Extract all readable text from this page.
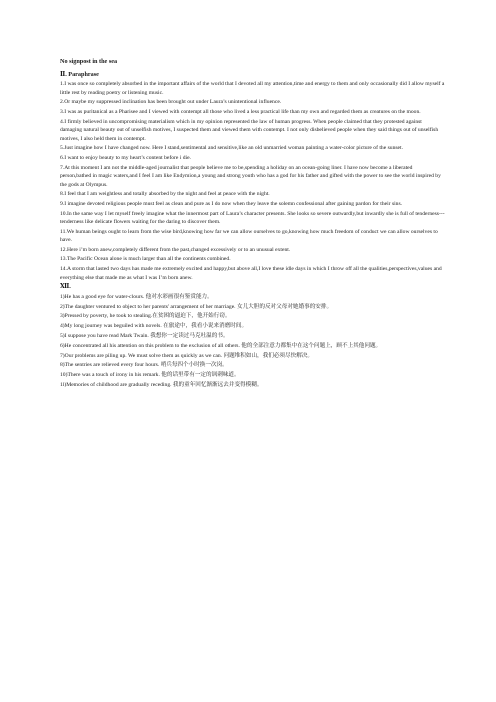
No signpost in the sea
Ⅱ. Paraphrase
1.I was once so completely absorbed in the important affairs of the world that I devoted all my attention,time and energy to them and only occasionally did I allow myself a little rest by reading poetry or listening music.
2.Or maybe my suppressed inclination has been brought out under Laura’s unintentional influence.
3.I was as puritanical as a Pharisee and I viewed with contempt all those who lived a less practical life than my own and regarded them as creatures on the moon.
4.I firmly believed in uncompromising materialism which in my opinion represented the law of human progress. When people claimed that they protested against damaging natural beauty out of unselfish motives, I suspected them and viewed them with contempt. I not only disbelieved people when they said things out of unselfish motives, I also held them in contempt.
5.Just imagine how I have changed now. Here I stand,sentimental and sensitive,like an old unmarried woman painting a water-color picture of the sunset.
6.I want to enjoy beauty to my heart’s content before i die.
7.At this moment I am not the middle-aged journalist that people believe me to be,spending a holiday on an ocean-going liner. I have now become a liberated person,bathed in magic waters,and I feel I am like Endymion,a young and strong youth who has a god for his father and gifted with the power to see the world inspired by the gods at Olympus.
8.I feel that I am weightless and totally absorbed by the night and feel at peace with the night.
9.I imagine devoted religious people must feel as clean and pure as I do now when they leave the solemn confessional after gaining pardon for their sins.
10.In the same way I let myself freely imagine what the innermost part of Laura’s character presents. She looks so severe outwardly,but inwardly she is full of tenderness---tenderness like delicate flowers waiting for the daring to discover them.
11.We human beings ought to learn from the wise bird,knowing how far we can allow ourselves to go,knowing how much freedom of conduct we can allow ourselves to have.
12.Here i’m born anew,completely different from the past,changed excessively or to an unusual extent.
13.The Pacific Ocean alone is much larger than all the continents combined.
14.A storm that lasted two days has made me extremely excited and happy,but above all,I love these idle days in which I throw off all the qualities,perspectives,values and everything else that made me as what I was I’m born anew.
Ⅻ.
1)He has a good eye for water-clours. 他对水彩画很有鉴赏能力。
2)The daughter ventured to object to her parents' arrangement of her marriage. 女儿大胆的反对父母对她婚事的安排。
3)Pressed by poverty, he took to stealing.在贫困的逼迫下，他开始行窃。
4)My long journey was beguiled with novels. 在旅途中，我看小说来消磨时间。
5)I suppose you have read Mark Twain. 我想你一定读过马克吐温的书。
6)He concentrated all his attention on this problem to the exclusion of all others. 他的全部注意力都集中在这个问题上，顾不上其他问题。
7)Our problems are piling up. We must solve them as quickly as we can. 问题堆积如山，我们必须尽快解决。
8)The sentries are relieved every four hours. 哨兵每四个小时换一次岗。
10)There was a touch of irony in his remark. 他的话里带有一定的讽刺味道。
1l)Memories of childhood are gradually receding. 我的童年回忆渐渐远去并变得模糊。
